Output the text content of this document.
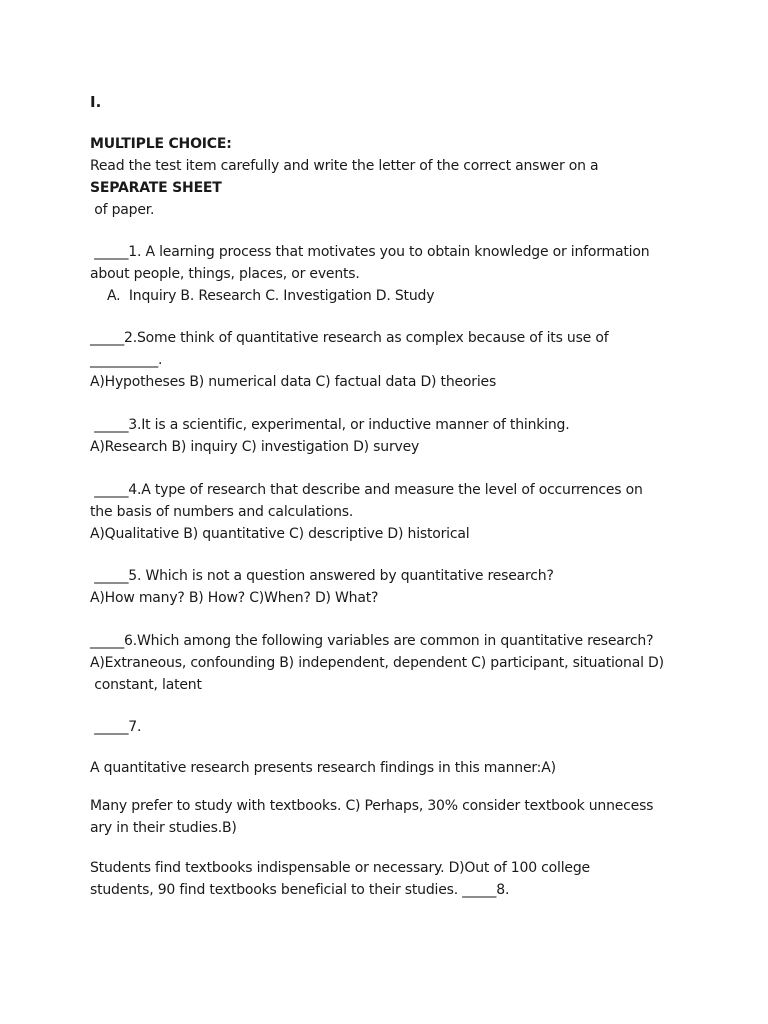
I.
MULTIPLE CHOICE:
Read the test item carefully and write the letter of the correct answer on a
SEPARATE SHEET
of paper.
_____1. A learning process that motivates you to obtain knowledge or information
about people, things, places, or events.
A.  Inquiry B. Research C. Investigation D. Study
_____2.Some think of quantitative research as complex because of its use of
__________.
A)Hypotheses B) numerical data C) factual data D) theories
_____3.It is a scientific, experimental, or inductive manner of thinking.
A)Research B) inquiry C) investigation D) survey
_____4.A type of research that describe and measure the level of occurrences on
the basis of numbers and calculations.
A)Qualitative B) quantitative C) descriptive D) historical
_____5. Which is not a question answered by quantitative research?
A)How many? B) How? C)When? D) What?
_____6.Which among the following variables are common in quantitative research?
A)Extraneous, confounding B) independent, dependent C) participant, situational D)
constant, latent
_____7.
A quantitative research presents research findings in this manner:A)
Many prefer to study with textbooks. C) Perhaps, 30% consider textbook unnecess
ary in their studies.B)
Students find textbooks indispensable or necessary. D)Out of 100 college
students, 90 find textbooks beneficial to their studies. _____8.
